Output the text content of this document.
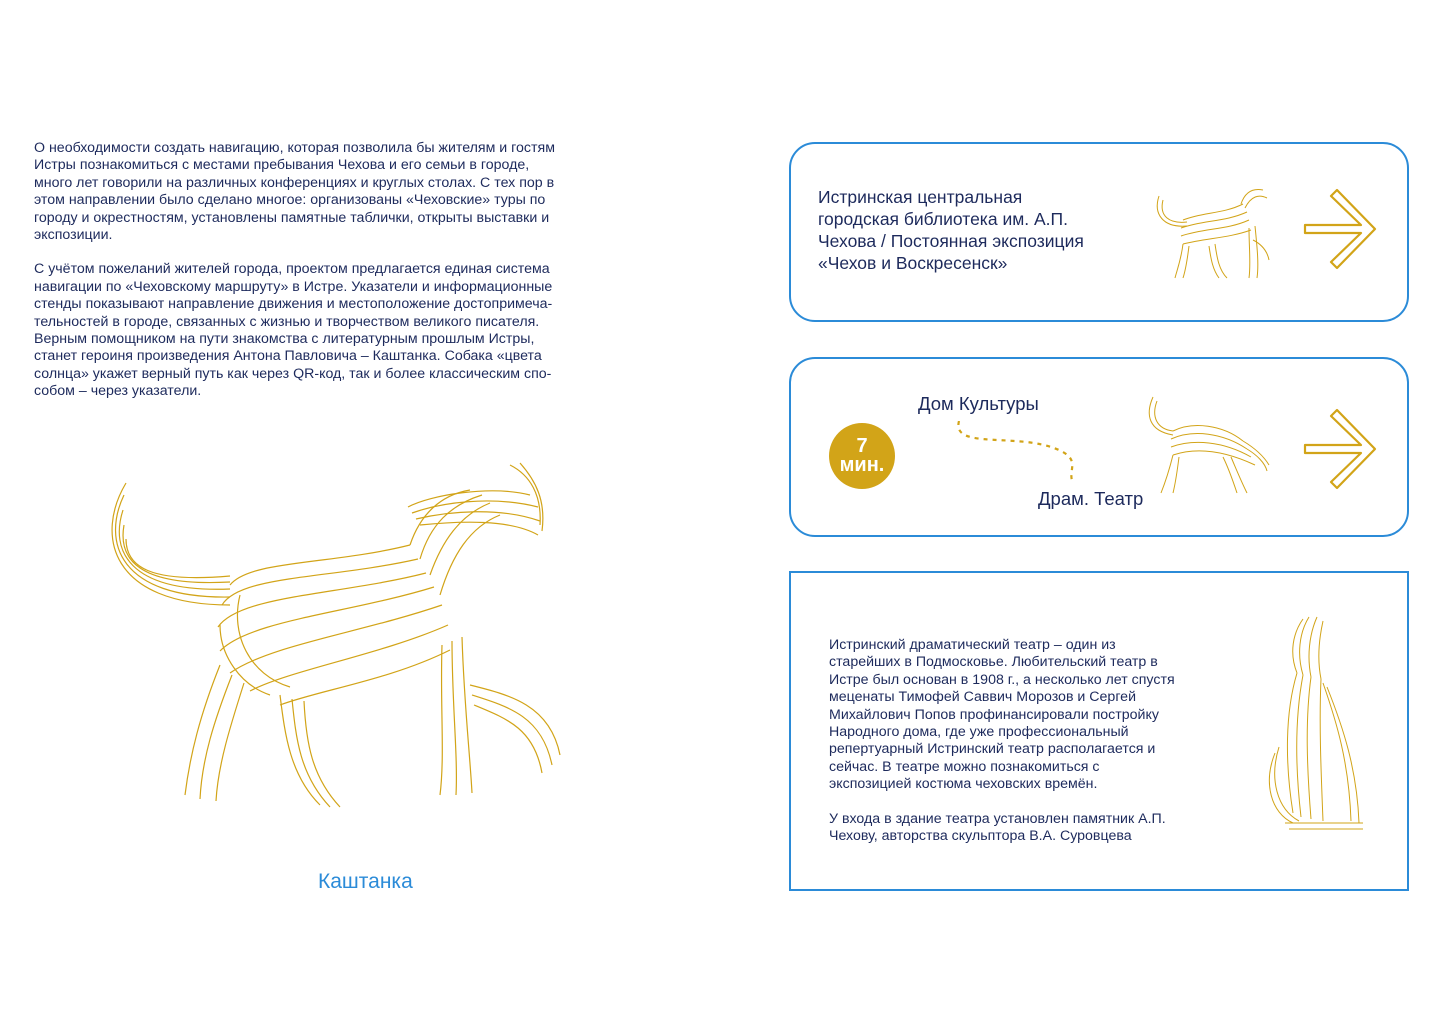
О необходимости создать навигацию, которая позволила бы жителям и гостям
Истры познакомиться с местами пребывания Чехова и его семьи в городе,
много лет говорили на различных конференциях и круглых столах. С тех пор в
этом направлении было сделано многое: организованы «Чеховские» туры по
городу и окрестностям, установлены памятные таблички, открыты выставки и
экспозиции.

С учётом пожеланий жителей города, проектом предлагается единая система
навигации по «Чеховскому маршруту» в Истре. Указатели и информационные
стенды показывают направление движения и местоположение достопримеча-
тельностей в городе, связанных с жизнью и творчеством великого писателя.
Верным помощником на пути знакомства с литературным прошлым Истры,
станет героиня произведения Антона Павловича – Каштанка. Собака «цвета
солнца» укажет верный путь как через QR-код, так и более классическим спо-
собом – через указатели.

Каштанка
Истринская центральная
городская библиотека им. А.П.
Чехова / Постоянная экспозиция
«Чехов и Воскресенск»
7
мин.
Дом Культуры
Драм. Театр

Истринский драматический театр – один из
старейших в Подмосковье. Любительский театр в
Истре был основан в 1908 г., а несколько лет спустя
меценаты Тимофей Саввич Морозов и Сергей
Михайлович Попов профинансировали постройку
Народного дома, где уже профессиональный
репертуарный Истринский театр располагается и
сейчас. В театре можно познакомиться с
экспозицией костюма чеховских времён.

У входа в здание театра установлен памятник А.П.
Чехову, авторства скульптора В.А. Суровцева
